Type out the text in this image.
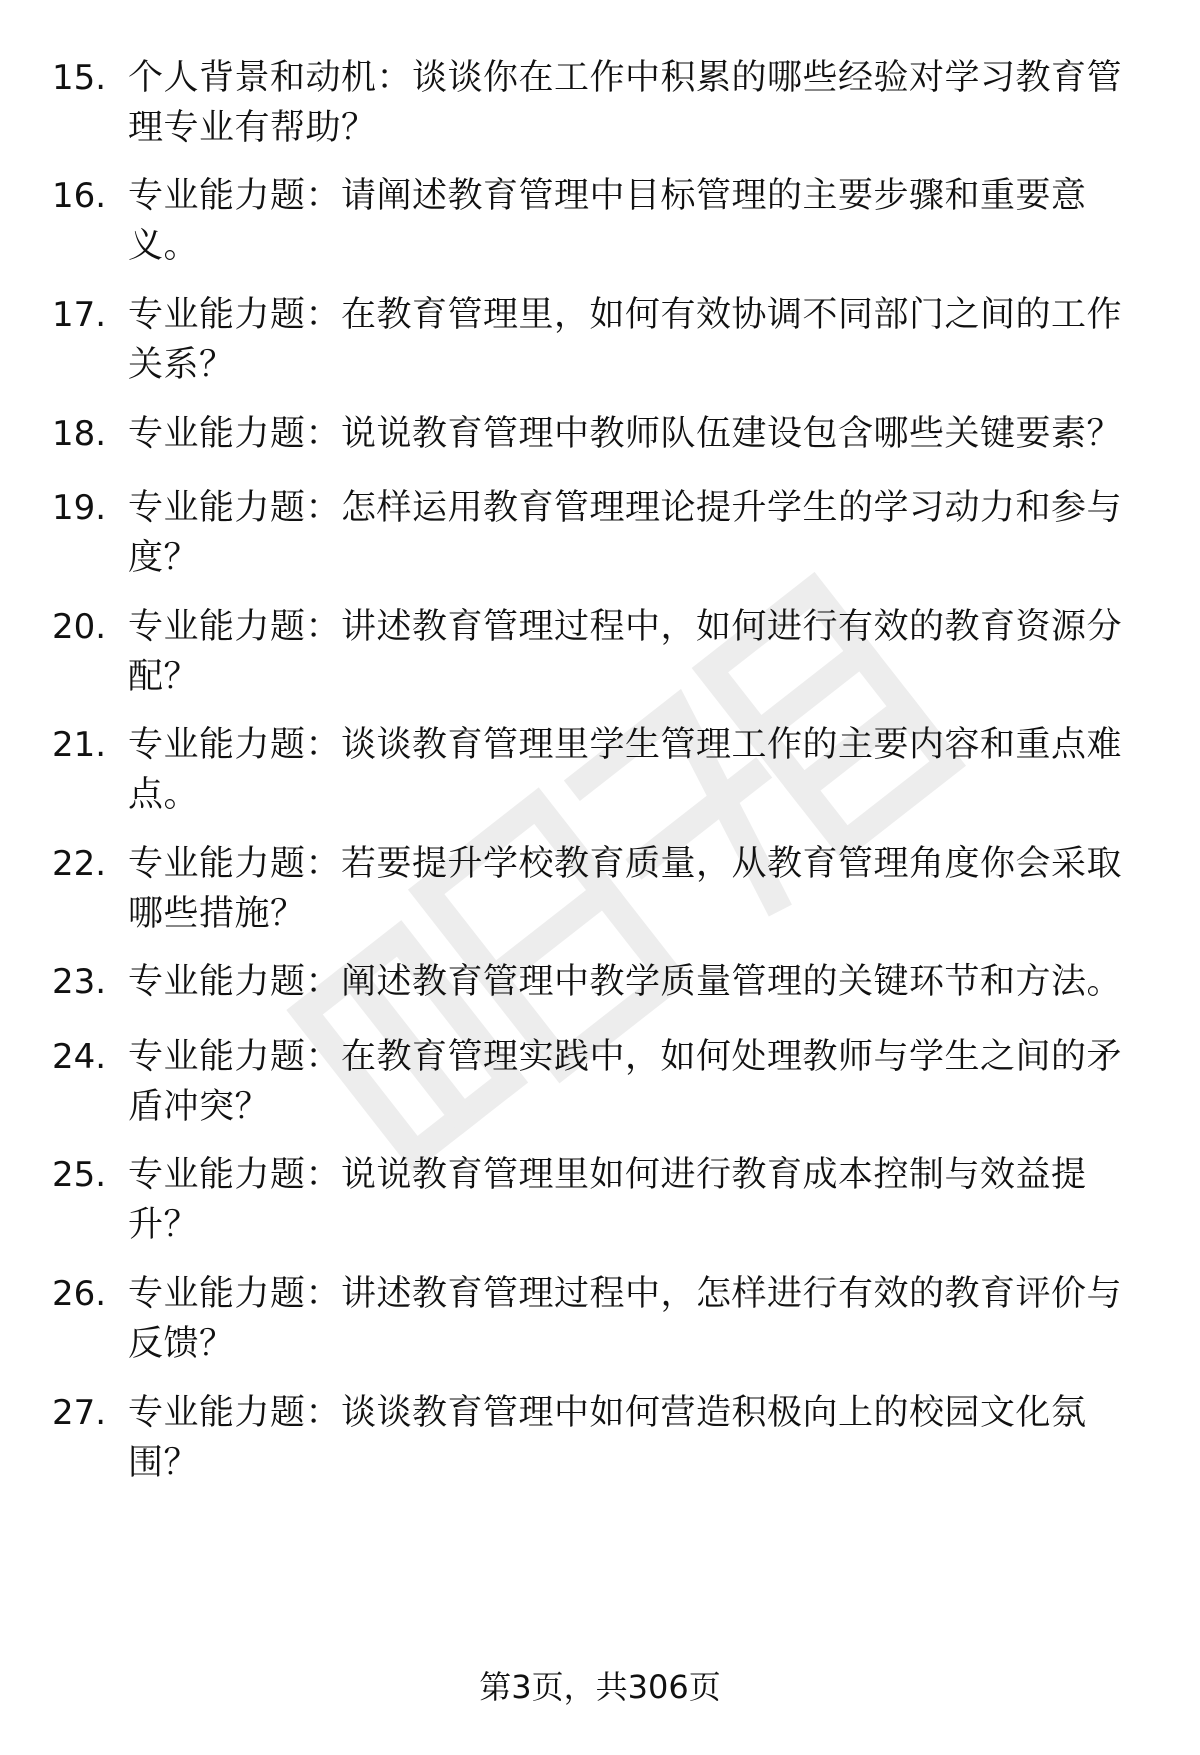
15. 个人背景和动机：谈谈你在工作中积累的哪些经验对学习教育管理专业有帮助？
16. 专业能力题：请阐述教育管理中目标管理的主要步骤和重要意义。
17. 专业能力题：在教育管理里，如何有效协调不同部门之间的工作关系？
18. 专业能力题：说说教育管理中教师队伍建设包含哪些关键要素？
19. 专业能力题：怎样运用教育管理理论提升学生的学习动力和参与度？
20. 专业能力题：讲述教育管理过程中，如何进行有效的教育资源分配？
21. 专业能力题：谈谈教育管理里学生管理工作的主要内容和重点难点。
22. 专业能力题：若要提升学校教育质量，从教育管理角度你会采取哪些措施？
23. 专业能力题：阐述教育管理中教学质量管理的关键环节和方法。
24. 专业能力题：在教育管理实践中，如何处理教师与学生之间的矛盾冲突？
25. 专业能力题：说说教育管理里如何进行教育成本控制与效益提升？
26. 专业能力题：讲述教育管理过程中，怎样进行有效的教育评价与反馈？
27. 专业能力题：谈谈教育管理中如何营造积极向上的校园文化氛围？
第3页，共306页
